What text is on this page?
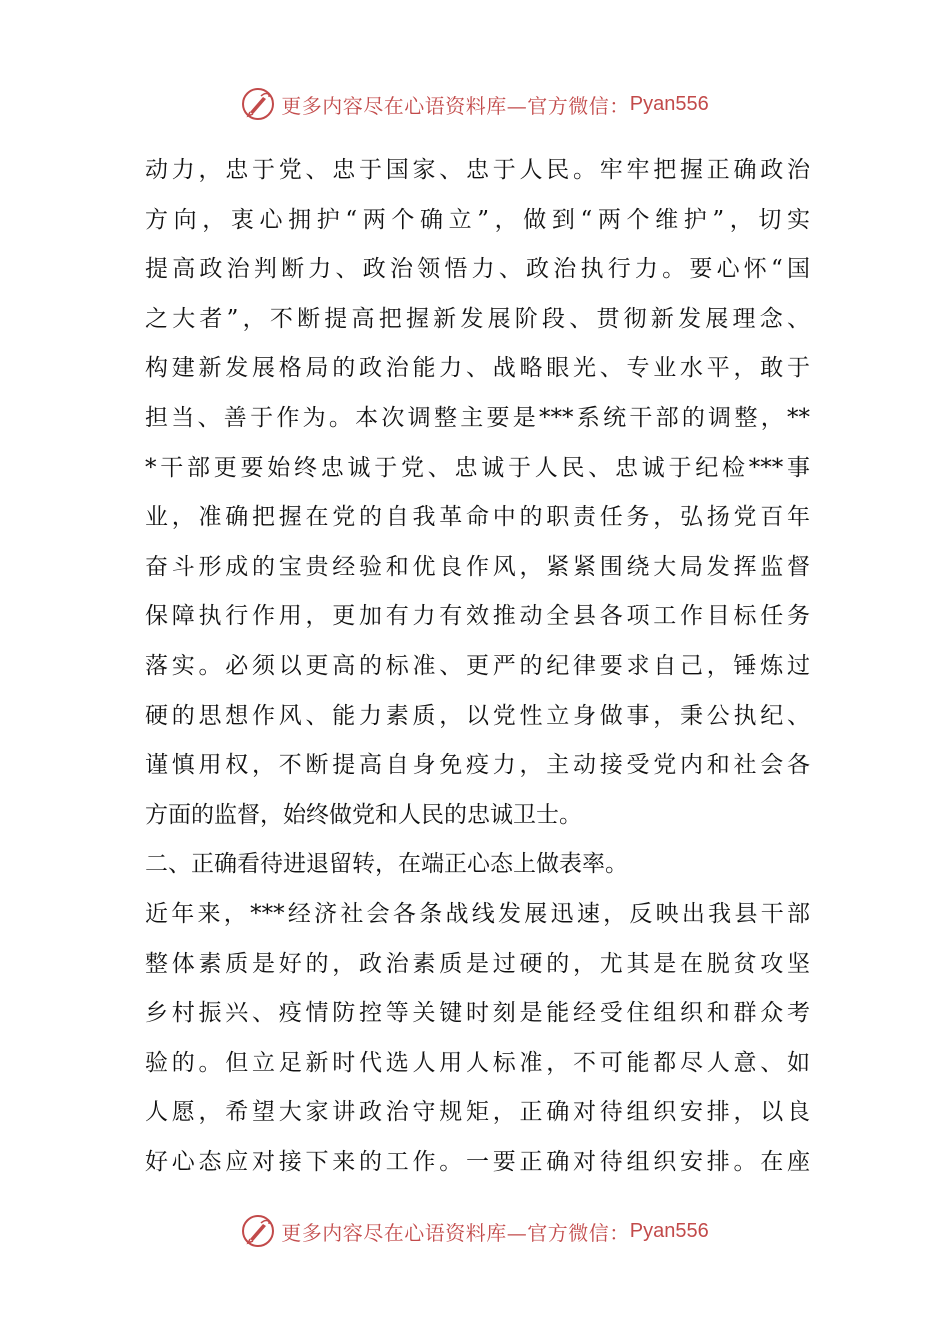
更多内容尽在心语资料库—官方微信： Pyan556
动力，忠于党、忠于国家、忠于人民。牢牢把握正确政治
方向，衷心拥护“两个确立”，做到“两个维护”，切实
提高政治判断力、政治领悟力、政治执行力。要心怀“国
之大者”，不断提高把握新发展阶段、贯彻新发展理念、
构建新发展格局的政治能力、战略眼光、专业水平，敢于
担当、善于作为。本次调整主要是***系统干部的调整，**
*干部更要始终忠诚于党、忠诚于人民、忠诚于纪检***事
业，准确把握在党的自我革命中的职责任务，弘扬党百年
奋斗形成的宝贵经验和优良作风，紧紧围绕大局发挥监督
保障执行作用，更加有力有效推动全县各项工作目标任务
落实。必须以更高的标准、更严的纪律要求自己，锤炼过
硬的思想作风、能力素质，以党性立身做事，秉公执纪、
谨慎用权，不断提高自身免疫力，主动接受党内和社会各
方面的监督，始终做党和人民的忠诚卫士。
二、正确看待进退留转，在端正心态上做表率。
近年来，***经济社会各条战线发展迅速，反映出我县干部
整体素质是好的，政治素质是过硬的，尤其是在脱贫攻坚
乡村振兴、疫情防控等关键时刻是能经受住组织和群众考
验的。但立足新时代选人用人标准，不可能都尽人意、如
人愿，希望大家讲政治守规矩，正确对待组织安排，以良
好心态应对接下来的工作。一要正确对待组织安排。在座
更多内容尽在心语资料库—官方微信： Pyan556
